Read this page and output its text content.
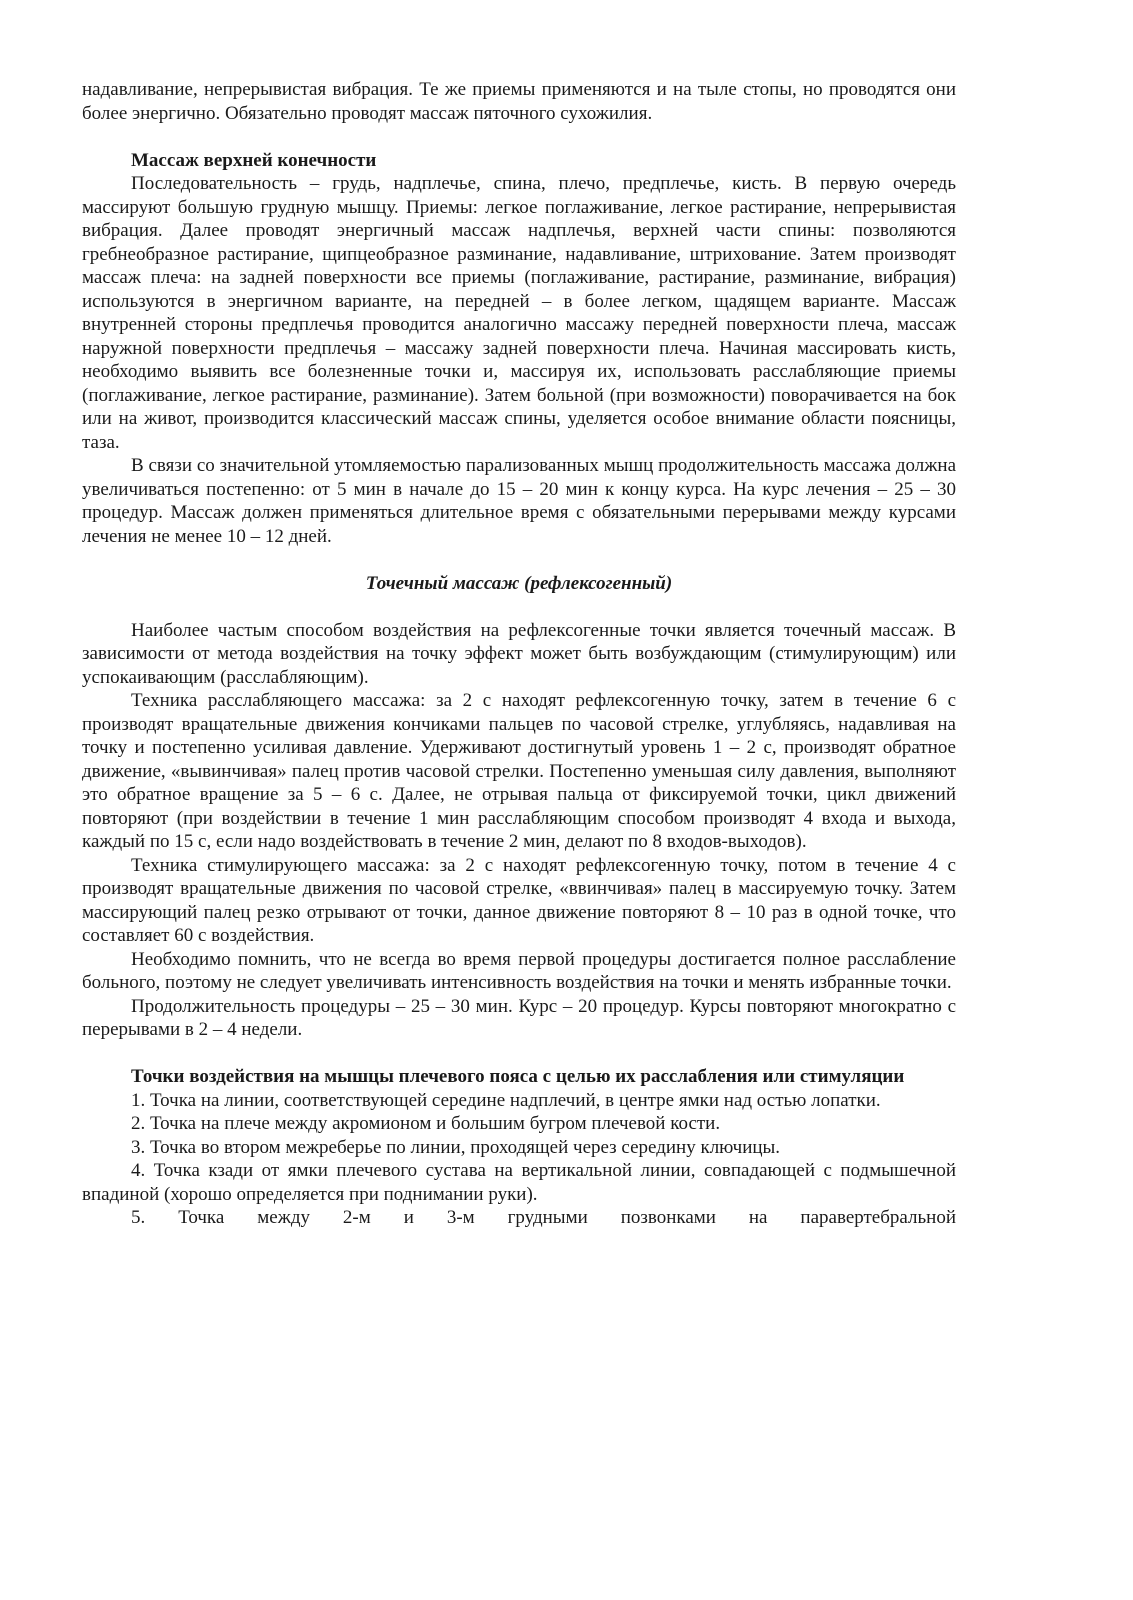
надавливание, непрерывистая вибрация. Те же приемы применяются и на тыле стопы, но проводятся они более энергично. Обязательно проводят массаж пяточного сухожилия.

Массаж верхней конечности

Последовательность – грудь, надплечье, спина, плечо, предплечье, кисть. В первую очередь массируют большую грудную мышцу. Приемы: легкое поглаживание, легкое растирание, непрерывистая вибрация. Далее проводят энергичный массаж надплечья, верхней части спины: позволяются гребнеобразное растирание, щипцеобразное разминание, надавливание, штрихование. Затем производят массаж плеча: на задней поверхности все приемы (поглаживание, растирание, разминание, вибрация) используются в энергичном варианте, на передней – в более легком, щадящем варианте. Массаж внутренней стороны предплечья проводится аналогично массажу передней поверхности плеча, массаж наружной поверхности предплечья – массажу задней поверхности плеча. Начиная массировать кисть, необходимо выявить все болезненные точки и, массируя их, использовать расслабляющие приемы (поглаживание, легкое растирание, разминание). Затем больной (при возможности) поворачивается на бок или на живот, производится классический массаж спины, уделяется особое внимание области поясницы, таза.

В связи со значительной утомляемостью парализованных мышц продолжительность массажа должна увеличиваться постепенно: от 5 мин в начале до 15 – 20 мин к концу курса. На курс лечения – 25 – 30 процедур. Массаж должен применяться длительное время с обязательными перерывами между курсами лечения не менее 10 – 12 дней.

Точечный массаж (рефлексогенный)

Наиболее частым способом воздействия на рефлексогенные точки является точечный массаж. В зависимости от метода воздействия на точку эффект может быть возбуждающим (стимулирующим) или успокаивающим (расслабляющим).

Техника расслабляющего массажа: за 2 с находят рефлексогенную точку, затем в течение 6 с производят вращательные движения кончиками пальцев по часовой стрелке, углубляясь, надавливая на точку и постепенно усиливая давление. Удерживают достигнутый уровень 1 – 2 с, производят обратное движение, «вывинчивая» палец против часовой стрелки. Постепенно уменьшая силу давления, выполняют это обратное вращение за 5 – 6 с. Далее, не отрывая пальца от фиксируемой точки, цикл движений повторяют (при воздействии в течение 1 мин расслабляющим способом производят 4 входа и выхода, каждый по 15 с, если надо воздействовать в течение 2 мин, делают по 8 входов-выходов).

Техника стимулирующего массажа: за 2 с находят рефлексогенную точку, потом в течение 4 с производят вращательные движения по часовой стрелке, «ввинчивая» палец в массируемую точку. Затем массирующий палец резко отрывают от точки, данное движение повторяют 8 – 10 раз в одной точке, что составляет 60 с воздействия.

Необходимо помнить, что не всегда во время первой процедуры достигается полное расслабление больного, поэтому не следует увеличивать интенсивность воздействия на точки и менять избранные точки.

Продолжительность процедуры – 25 – 30 мин. Курс – 20 процедур. Курсы повторяют многократно с перерывами в 2 – 4 недели.

Точки воздействия на мышцы плечевого пояса с целью их расслабления или стимуляции

1. Точка на линии, соответствующей середине надплечий, в центре ямки над остью лопатки.

2. Точка на плече между акромионом и большим бугром плечевой кости.

3. Точка во втором межреберье по линии, проходящей через середину ключицы.

4. Точка кзади от ямки плечевого сустава на вертикальной линии, совпадающей с подмышечной впадиной (хорошо определяется при поднимании руки).

5. Точка между 2-м и 3-м грудными позвонками на паравертебральной
